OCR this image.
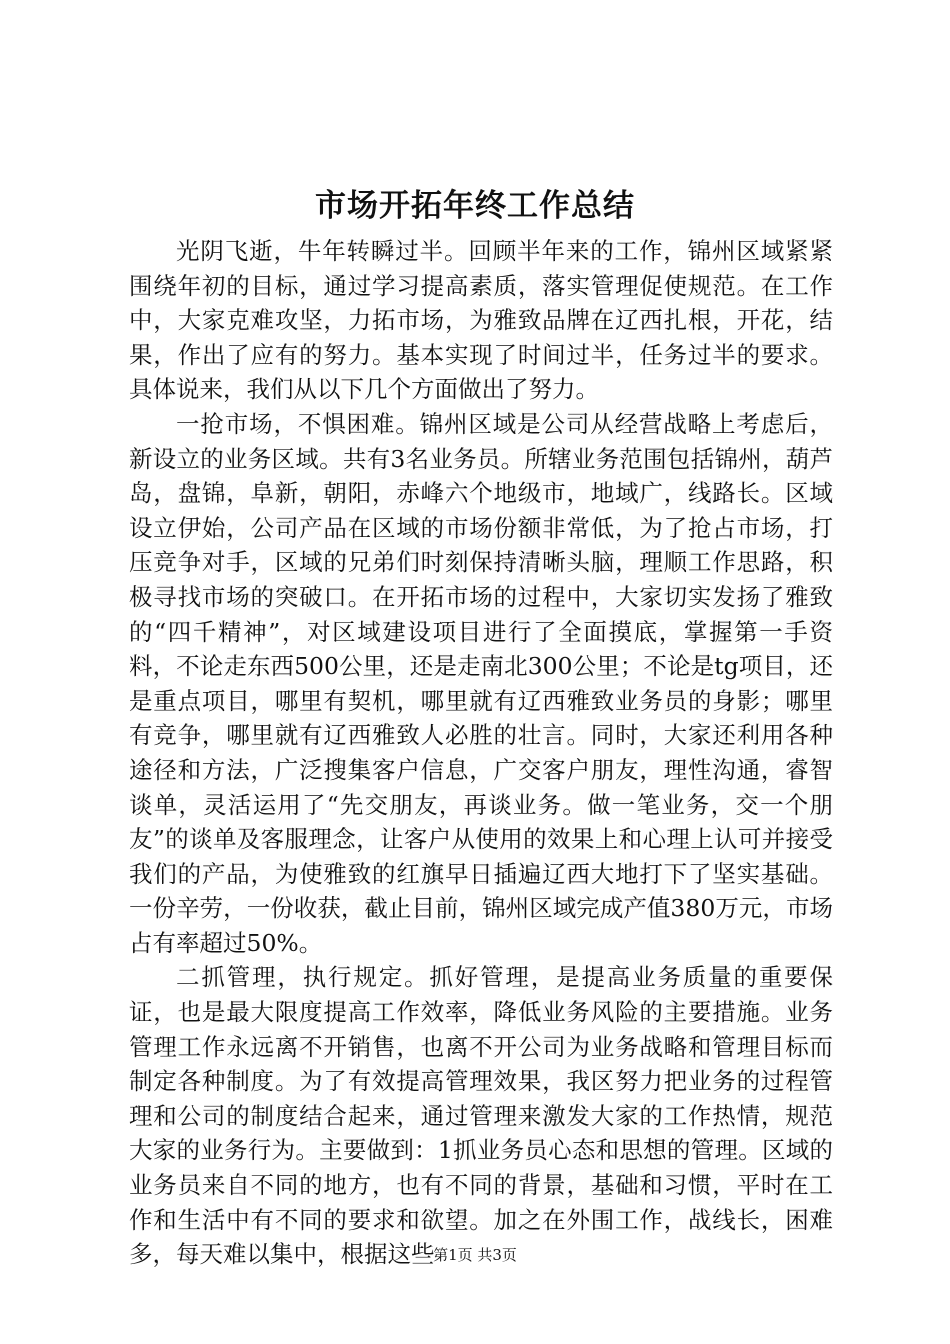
市场开拓年终工作总结

光阴飞逝，牛年转瞬过半。回顾半年来的工作，锦州区域紧紧围绕年初的目标，通过学习提高素质，落实管理促使规范。在工作中，大家克难攻坚，力拓市场，为雅致品牌在辽西扎根，开花，结果，作出了应有的努力。基本实现了时间过半，任务过半的要求。具体说来，我们从以下几个方面做出了努力。

一抢市场，不惧困难。锦州区域是公司从经营战略上考虑后，新设立的业务区域。共有3名业务员。所辖业务范围包括锦州，葫芦岛，盘锦，阜新，朝阳，赤峰六个地级市，地域广，线路长。区域设立伊始，公司产品在区域的市场份额非常低，为了抢占市场，打压竞争对手，区域的兄弟们时刻保持清晰头脑，理顺工作思路，积极寻找市场的突破口。在开拓市场的过程中，大家切实发扬了雅致的“四千精神”，对区域建设项目进行了全面摸底，掌握第一手资料，不论走东西500公里，还是走南北300公里；不论是tg项目，还是重点项目，哪里有契机，哪里就有辽西雅致业务员的身影；哪里有竞争，哪里就有辽西雅致人必胜的壮言。同时，大家还利用各种途径和方法，广泛搜集客户信息，广交客户朋友，理性沟通，睿智谈单，灵活运用了“先交朋友，再谈业务。做一笔业务，交一个朋友”的谈单及客服理念，让客户从使用的效果上和心理上认可并接受我们的产品，为使雅致的红旗早日插遍辽西大地打下了坚实基础。一份辛劳，一份收获，截止目前，锦州区域完成产值380万元，市场占有率超过50%。

二抓管理，执行规定。抓好管理，是提高业务质量的重要保证，也是最大限度提高工作效率，降低业务风险的主要措施。业务管理工作永远离不开销售，也离不开公司为业务战略和管理目标而制定各种制度。为了有效提高管理效果，我区努力把业务的过程管理和公司的制度结合起来，通过管理来激发大家的工作热情，规范大家的业务行为。主要做到：1抓业务员心态和思想的管理。区域的业务员来自不同的地方，也有不同的背景，基础和习惯，平时在工作和生活中有不同的要求和欲望。加之在外围工作，战线长，困难多，每天难以集中，根据这些

第1页 共3页
